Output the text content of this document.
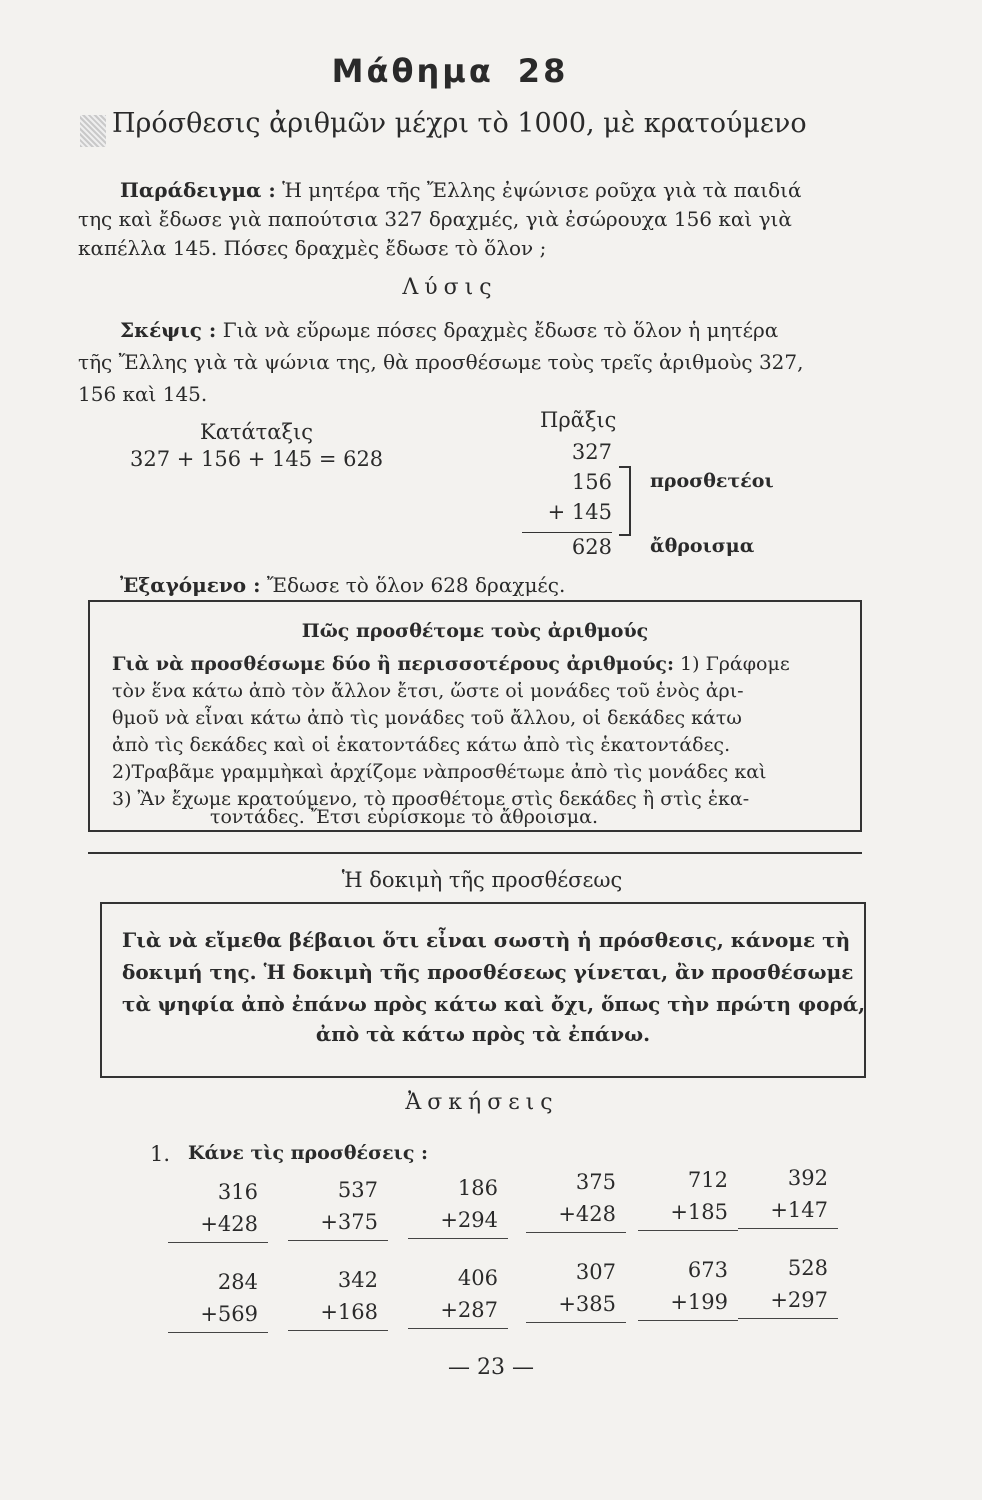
Μάθημα 28
Πρόσθεσις ἀριθμῶν μέχρι τὸ 1000, μὲ κρατούμενο
Παράδειγμα : Ἡ μητέρα τῆς Ἔλλης ἐψώνισε ροῦχα γιὰ τὰ παιδιά
της καὶ ἔδωσε γιὰ παπούτσια 327 δραχμές, γιὰ ἐσώρουχα 156 καὶ γιὰ
καπέλλα 145. Πόσες δραχμὲς ἔδωσε τὸ ὅλον ;
Λύσις
Σκέψις : Γιὰ νὰ εὕρωμε πόσες δραχμὲς ἔδωσε τὸ ὅλον ἡ μητέρα
τῆς Ἔλλης γιὰ τὰ ψώνια της, θὰ προσθέσωμε τοὺς τρεῖς ἀριθμοὺς 327,
156 καὶ 145.
Κατάταξις
327 + 156 + 145 = 628
Πρᾶξις
327
156
+ 145
προσθετέοι
628 ἄθροισμα
Ἐξαγόμενο : Ἔδωσε τὸ ὅλον 628 δραχμές.
Πῶς προσθέτομε τοὺς ἀριθμούς
Γιὰ νὰ προσθέσωμε δύο ἢ περισσοτέρους ἀριθμούς: 1) Γράφομε
τὸν ἕνα κάτω ἀπὸ τὸν ἄλλον ἔτσι, ὥστε οἱ μονάδες τοῦ ἑνὸς ἀρι-
θμοῦ νὰ εἶναι κάτω ἀπὸ τὶς μονάδες τοῦ ἄλλου, οἱ δεκάδες κάτω
ἀπὸ τὶς δεκάδες καὶ οἱ ἑκατοντάδες κάτω ἀπὸ τὶς ἑκατοντάδες.
2)Τραβᾶμε γραμμὴκαὶ ἀρχίζομε νὰπροσθέτωμε ἀπὸ τὶς μονάδες καὶ
3) Ἂν ἔχωμε κρατούμενο, τὸ προσθέτομε στὶς δεκάδες ἢ στὶς ἑκα-
τοντάδες. Ἔτσι εὑρίσκομε τὸ ἄθροισμα.
Ἡ δοκιμὴ τῆς προσθέσεως
Γιὰ νὰ εἴμεθα βέβαιοι ὅτι εἶναι σωστὴ ἡ πρόσθεσις, κάνομε τὴ
δοκιμή της. Ἡ δοκιμὴ τῆς προσθέσεως γίνεται, ἂν προσθέσωμε
τὰ ψηφία ἀπὸ ἐπάνω πρὸς κάτω καὶ ὄχι, ὅπως τὴν πρώτη φορά,
ἀπὸ τὰ κάτω πρὸς τὰ ἐπάνω.
Ἀσκήσεις
1. Κάνε τὶς προσθέσεις :
316
+428
537
+375
186
+294
375
+428
712
+185
392
+147
284
+569
342
+168
406
+287
307
+385
673
+199
528
+297
— 23 —
